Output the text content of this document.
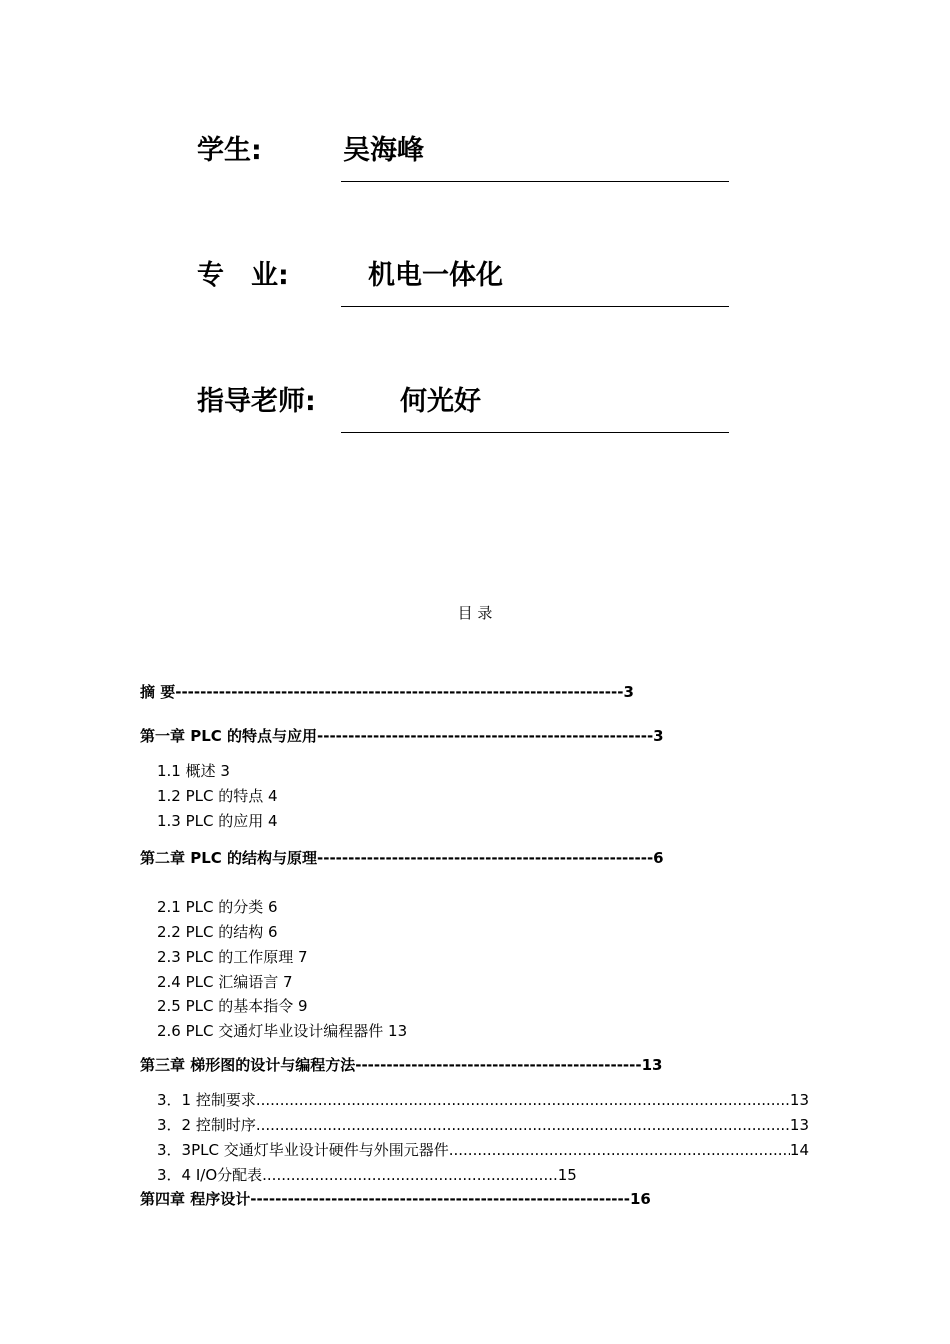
学生:	吴海峰
专　业:	机电一体化
指导老师:	何光好
目 录
摘 要------------------------------------------------------------------------3
第一章 PLC 的特点与应用------------------------------------------------------3
1.1 概述 3
1.2 PLC 的特点 4
1.3 PLC 的应用 4
第二章 PLC 的结构与原理------------------------------------------------------6
2.1 PLC 的分类 6
2.2 PLC 的结构 6
2.3 PLC 的工作原理 7
2.4 PLC 汇编语言 7
2.5 PLC 的基本指令 9
2.6 PLC 交通灯毕业设计编程器件 13
第三章 梯形图的设计与编程方法----------------------------------------------13
3．1 控制要求 .....	13
3．2 控制时序 .....	13
3．3PLC 交通灯毕业设计硬件与外围元器件 .....	14
3．4 I/O分配表..............................................................15
第四章 程序设计-------------------------------------------------------------16
